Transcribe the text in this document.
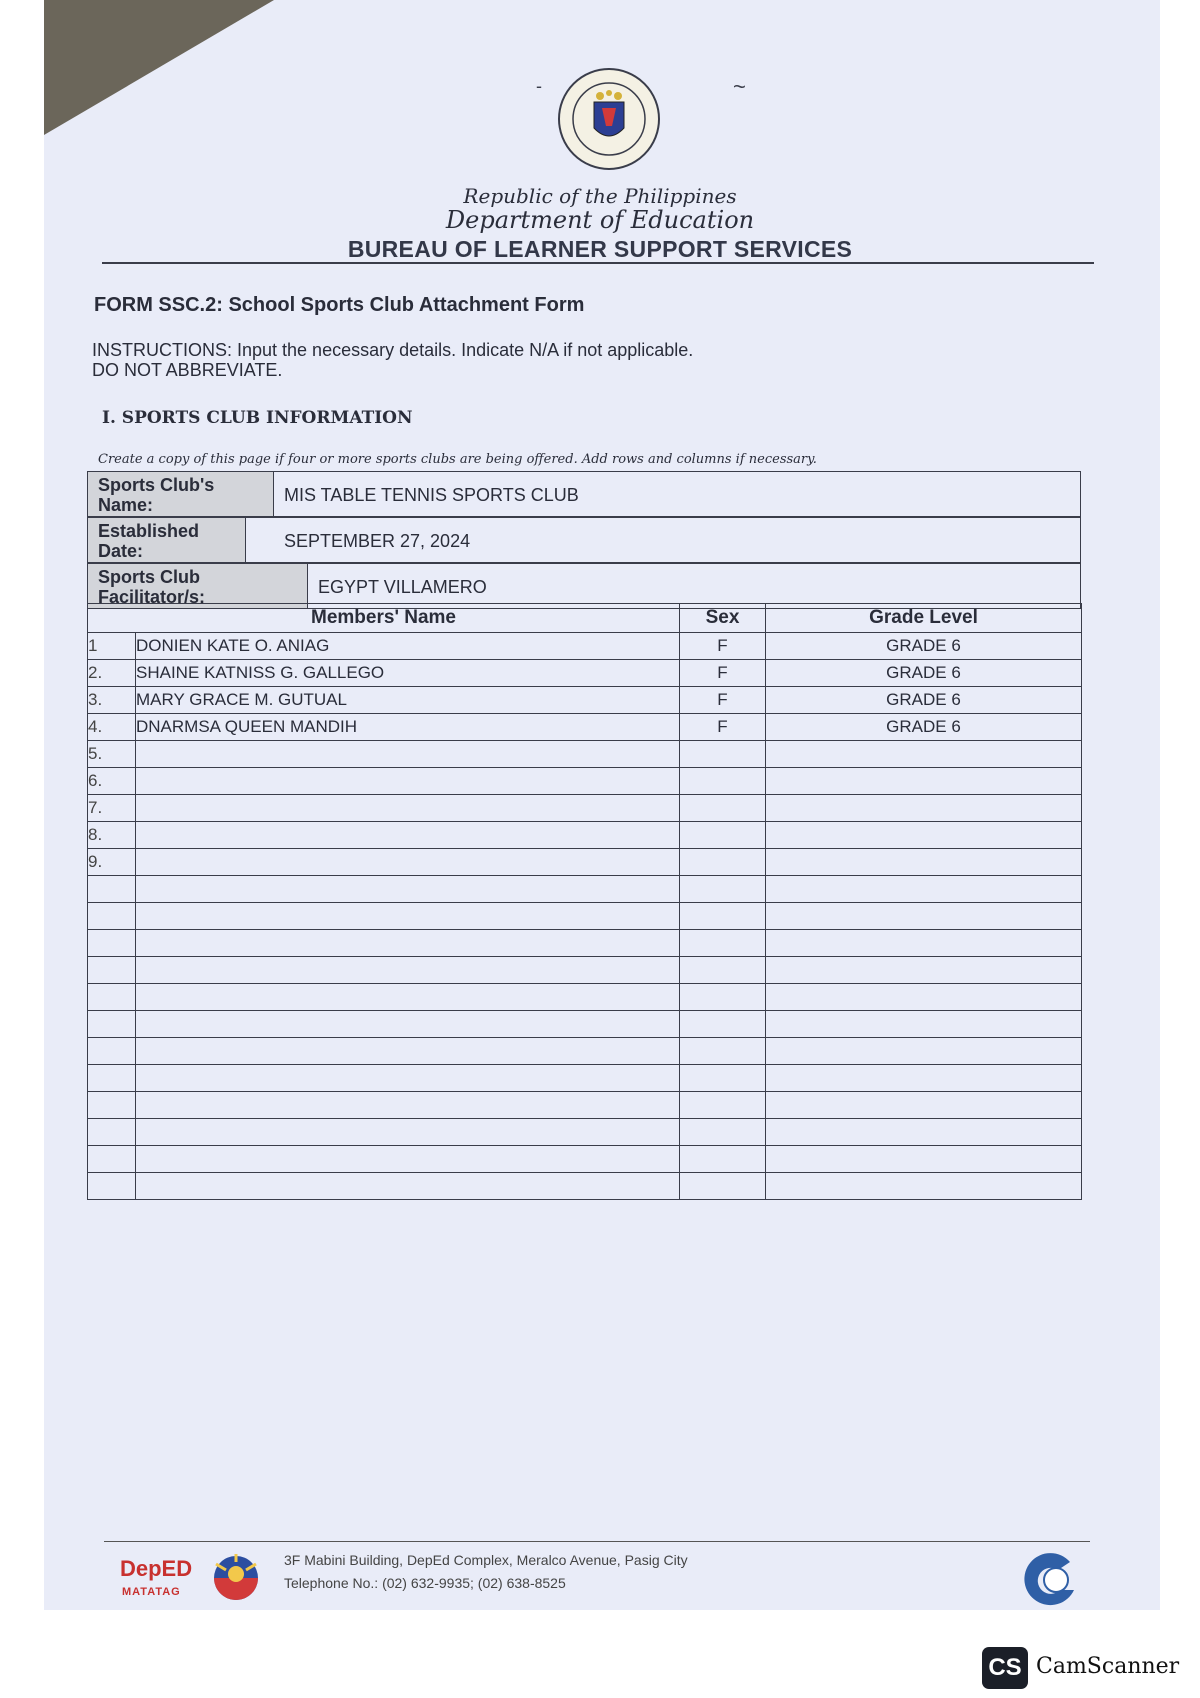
-	~
Republic of the Philippines
Department of Education
BUREAU OF LEARNER SUPPORT SERVICES
FORM SSC.2: School Sports Club Attachment Form
INSTRUCTIONS: Input the necessary details. Indicate N/A if not applicable.
DO NOT ABBREVIATE.
I. SPORTS CLUB INFORMATION
Create a copy of this page if four or more sports clubs are being offered. Add rows and columns if necessary.
Sports Club's Name:	MIS TABLE TENNIS SPORTS CLUB
Established Date:	SEPTEMBER 27, 2024
Sports Club Facilitator/s:	EGYPT VILLAMERO
Members' Name		Sex	Grade Level
1	DONIEN KATE O. ANIAG	F	GRADE 6
2.	SHAINE KATNISS G. GALLEGO	F	GRADE 6
3.	MARY GRACE M. GUTUAL	F	GRADE 6
4.	DNARMSA QUEEN MANDIH	F	GRADE 6
5.			
6.			
7.			
8.			
9.			

DepED
MATATAG
3F Mabini Building, DepEd Complex, Meralco Avenue, Pasig City
Telephone No.: (02) 632-9935; (02) 638-8525
CS CamScanner
